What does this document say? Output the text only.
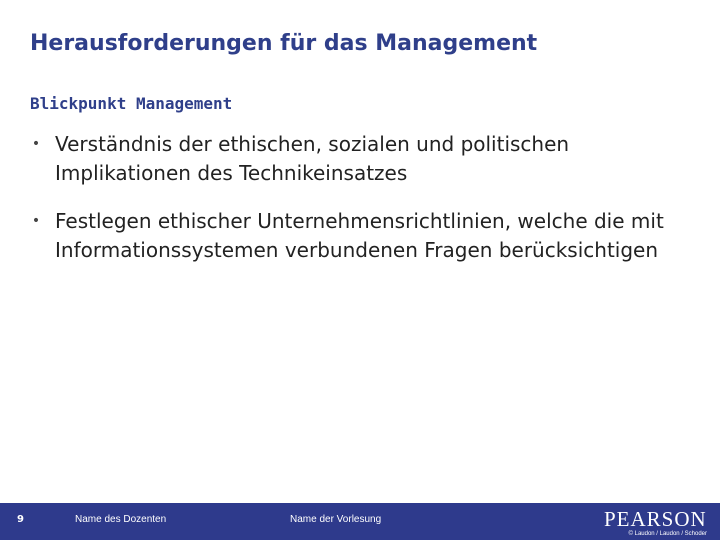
Herausforderungen für das Management
Blickpunkt Management
• Verständnis der ethischen, sozialen und politischen Implikationen des Technikeinsatzes
• Festlegen ethischer Unternehmensrichtlinien, welche die mit Informationssystemen verbundenen Fragen berücksichtigen
9	Name des Dozenten	Name der Vorlesung	PEARSON
© Laudon / Laudon / Schoder
